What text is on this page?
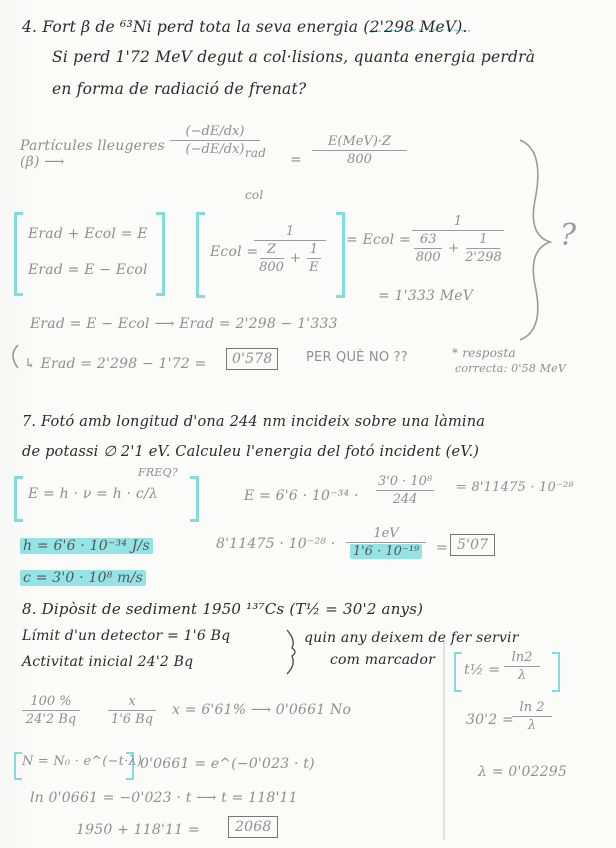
4. Fort β de ⁶³Ni perd tota la seva energia (2'298 MeV).
Si perd 1'72 MeV degut a col·lisions, quanta energia perdrà
en forma de radiació de frenat?
Partícules lleugeres (β) ⟶
(−dE/dx)
(−dE/dx) rad
col
=
E(MeV)·Z
800
Erad + Ecol = E
Erad = E − Ecol
Ecol =
1
Z
800
+
1
E
= Ecol =
1
63
800
+
1
2'298
= 1'333 MeV
?
Erad = E − Ecol ⟶ Erad = 2'298 − 1'333
↳ Erad = 2'298 − 1'72 =	0'578	PER QUÈ NO ??	* resposta
correcta: 0'58 MeV
7. Fotó amb longitud d'ona 244 nm incideix sobre una làmina
de potassi ∅ 2'1 eV. Calculeu l'energia del fotó incident (eV.)
FREQ?
E = h · ν = h · c/λ	E = 6'6 · 10⁻³⁴ ·
3'0 · 10⁸
244
= 8'11475 · 10⁻²⁸
h = 6'6 · 10⁻³⁴ J/s
c = 3'0 · 10⁸ m/s
8'11475 · 10⁻²⁸ ·
1eV
1'6 · 10⁻¹⁹ = 5'07
8. Dipòsit de sediment 1950 ¹³⁷Cs (T½ = 30'2 anys)
Límit d'un detector = 1'6 Bq
Activitat inicial 24'2 Bq
quin any deixem de fer servir
com marcador
100 %
24'2 Bq
x
1'6 Bq
x = 6'61% ⟶ 0'0661 No
N = N₀ · e^(−t·λ)
0'0661 = e^(−0'023 · t)
ln 0'0661 = −0'023 · t ⟶ t = 118'11
1950 + 118'11 =	2068
t½ =
ln2
λ
30'2 =
ln 2
λ
λ = 0'02295
